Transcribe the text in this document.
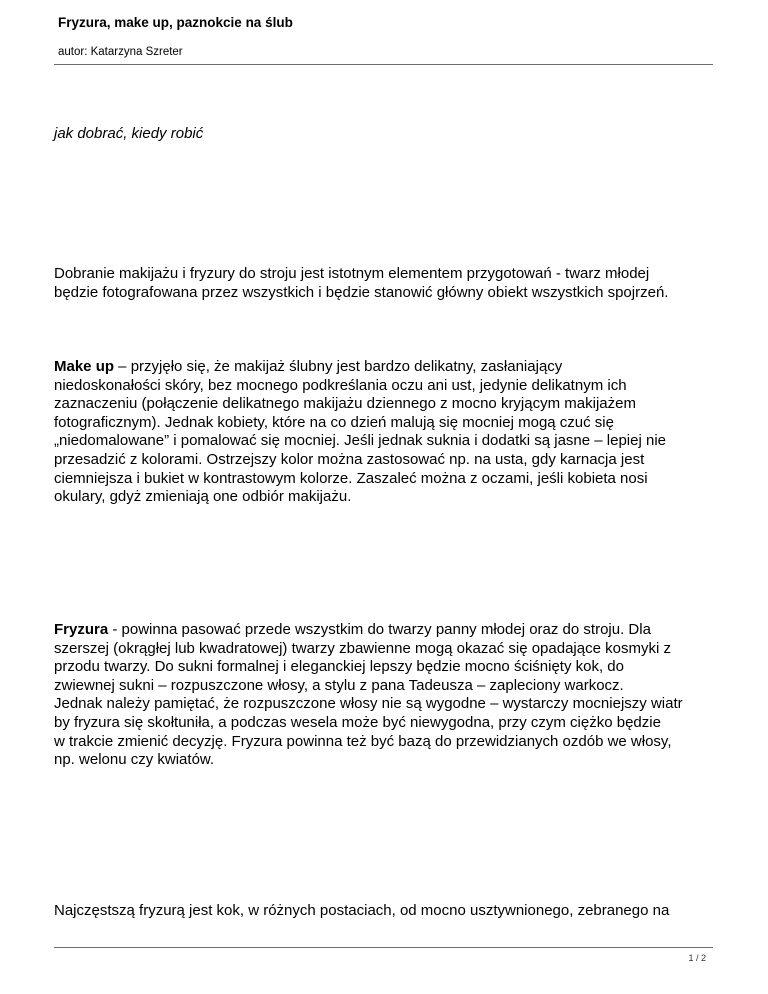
Fryzura, make up, paznokcie na ślub
autor: Katarzyna Szreter
jak dobrać, kiedy robić

Dobranie makijażu i fryzury do stroju jest istotnym elementem przygotowań - twarz młodej
będzie fotografowana przez wszystkich i będzie stanowić główny obiekt wszystkich spojrzeń.

Make up – przyjęło się, że makijaż ślubny jest bardzo delikatny, zasłaniający
niedoskonałości skóry, bez mocnego podkreślania oczu ani ust, jedynie delikatnym ich
zaznaczeniu (połączenie delikatnego makijażu dziennego z mocno kryjącym makijażem
fotograficznym). Jednak kobiety, które na co dzień malują się mocniej mogą czuć się
„niedomalowane” i pomalować się mocniej. Jeśli jednak suknia i dodatki są jasne – lepiej nie
przesadzić z kolorami. Ostrzejszy kolor można zastosować np. na usta, gdy karnacja jest
ciemniejsza i bukiet w kontrastowym kolorze. Zaszaleć można z oczami, jeśli kobieta nosi
okulary, gdyż zmieniają one odbiór makijażu.

Fryzura - powinna pasować przede wszystkim do twarzy panny młodej oraz do stroju. Dla
szerszej (okrągłej lub kwadratowej) twarzy zbawienne mogą okazać się opadające kosmyki z
przodu twarzy. Do sukni formalnej i eleganckiej lepszy będzie mocno ściśnięty kok, do
zwiewnej sukni – rozpuszczone włosy, a stylu z pana Tadeusza – zapleciony warkocz.
Jednak należy pamiętać, że rozpuszczone włosy nie są wygodne – wystarczy mocniejszy wiatr
by fryzura się skołtuniła, a podczas wesela może być niewygodna, przy czym ciężko będzie
w trakcie zmienić decyzję. Fryzura powinna też być bazą do przewidzianych ozdób we włosy,
np. welonu czy kwiatów.

Najczęstszą fryzurą jest kok, w różnych postaciach, od mocno usztywnionego, zebranego na

1 / 2
